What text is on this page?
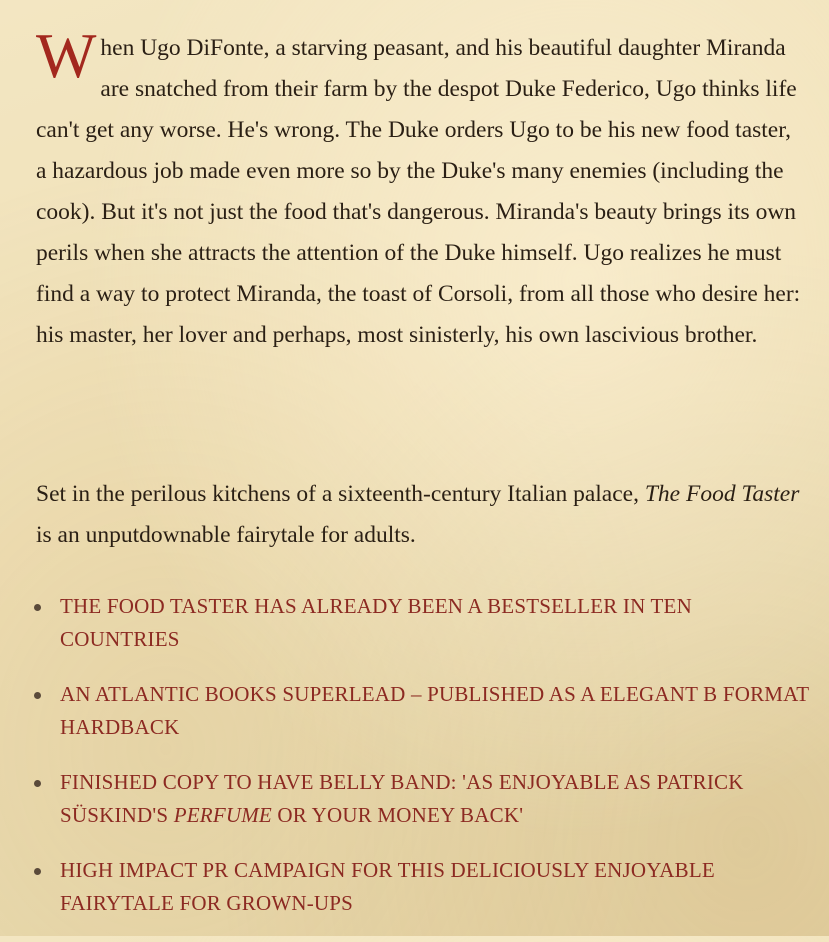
W hen Ugo DiFonte, a starving peasant, and his beautiful daughter Miranda are snatched from their farm by the despot Duke Federico, Ugo thinks life can't get any worse. He's wrong. The Duke orders Ugo to be his new food taster, a hazardous job made even more so by the Duke's many enemies (including the cook). But it's not just the food that's dangerous. Miranda's beauty brings its own perils when she attracts the attention of the Duke himself. Ugo realizes he must find a way to protect Miranda, the toast of Corsoli, from all those who desire her: his master, her lover and perhaps, most sinisterly, his own lascivious brother.

Set in the perilous kitchens of a sixteenth-century Italian palace, The Food Taster is an unputdownable fairytale for adults.

THE FOOD TASTER HAS ALREADY BEEN A BESTSELLER IN TEN COUNTRIES
AN ATLANTIC BOOKS SUPERLEAD – PUBLISHED AS A ELEGANT B FORMAT HARDBACK
FINISHED COPY TO HAVE BELLY BAND: 'AS ENJOYABLE AS PATRICK SÜSKIND'S PERFUME OR YOUR MONEY BACK'
HIGH IMPACT PR CAMPAIGN FOR THIS DELICIOUSLY ENJOYABLE FAIRYTALE FOR GROWN-UPS
